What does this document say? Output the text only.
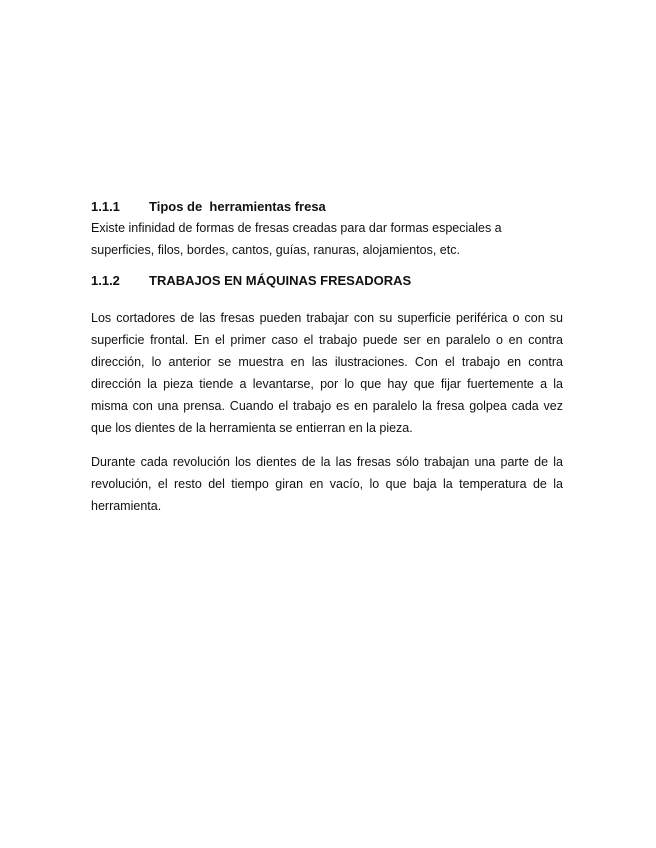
1.1.1	Tipos de  herramientas fresa

Existe infinidad de formas de fresas creadas para dar formas especiales a superficies, filos, bordes, cantos, guías, ranuras, alojamientos, etc.

1.1.2	TRABAJOS EN MÁQUINAS FRESADORAS

Los cortadores de las fresas pueden trabajar con su superficie periférica o con su superficie frontal. En el primer caso el trabajo puede ser en paralelo o en contra dirección, lo anterior se muestra en las ilustraciones. Con el trabajo en contra dirección la pieza tiende a levantarse, por lo que hay que fijar fuertemente a la misma con una prensa. Cuando el trabajo es en paralelo la fresa golpea cada vez que los dientes de la herramienta se entierran en la pieza.

Durante cada revolución los dientes de la las fresas sólo trabajan una parte de la revolución, el resto del tiempo giran en vacío, lo que baja la temperatura de la herramienta.
